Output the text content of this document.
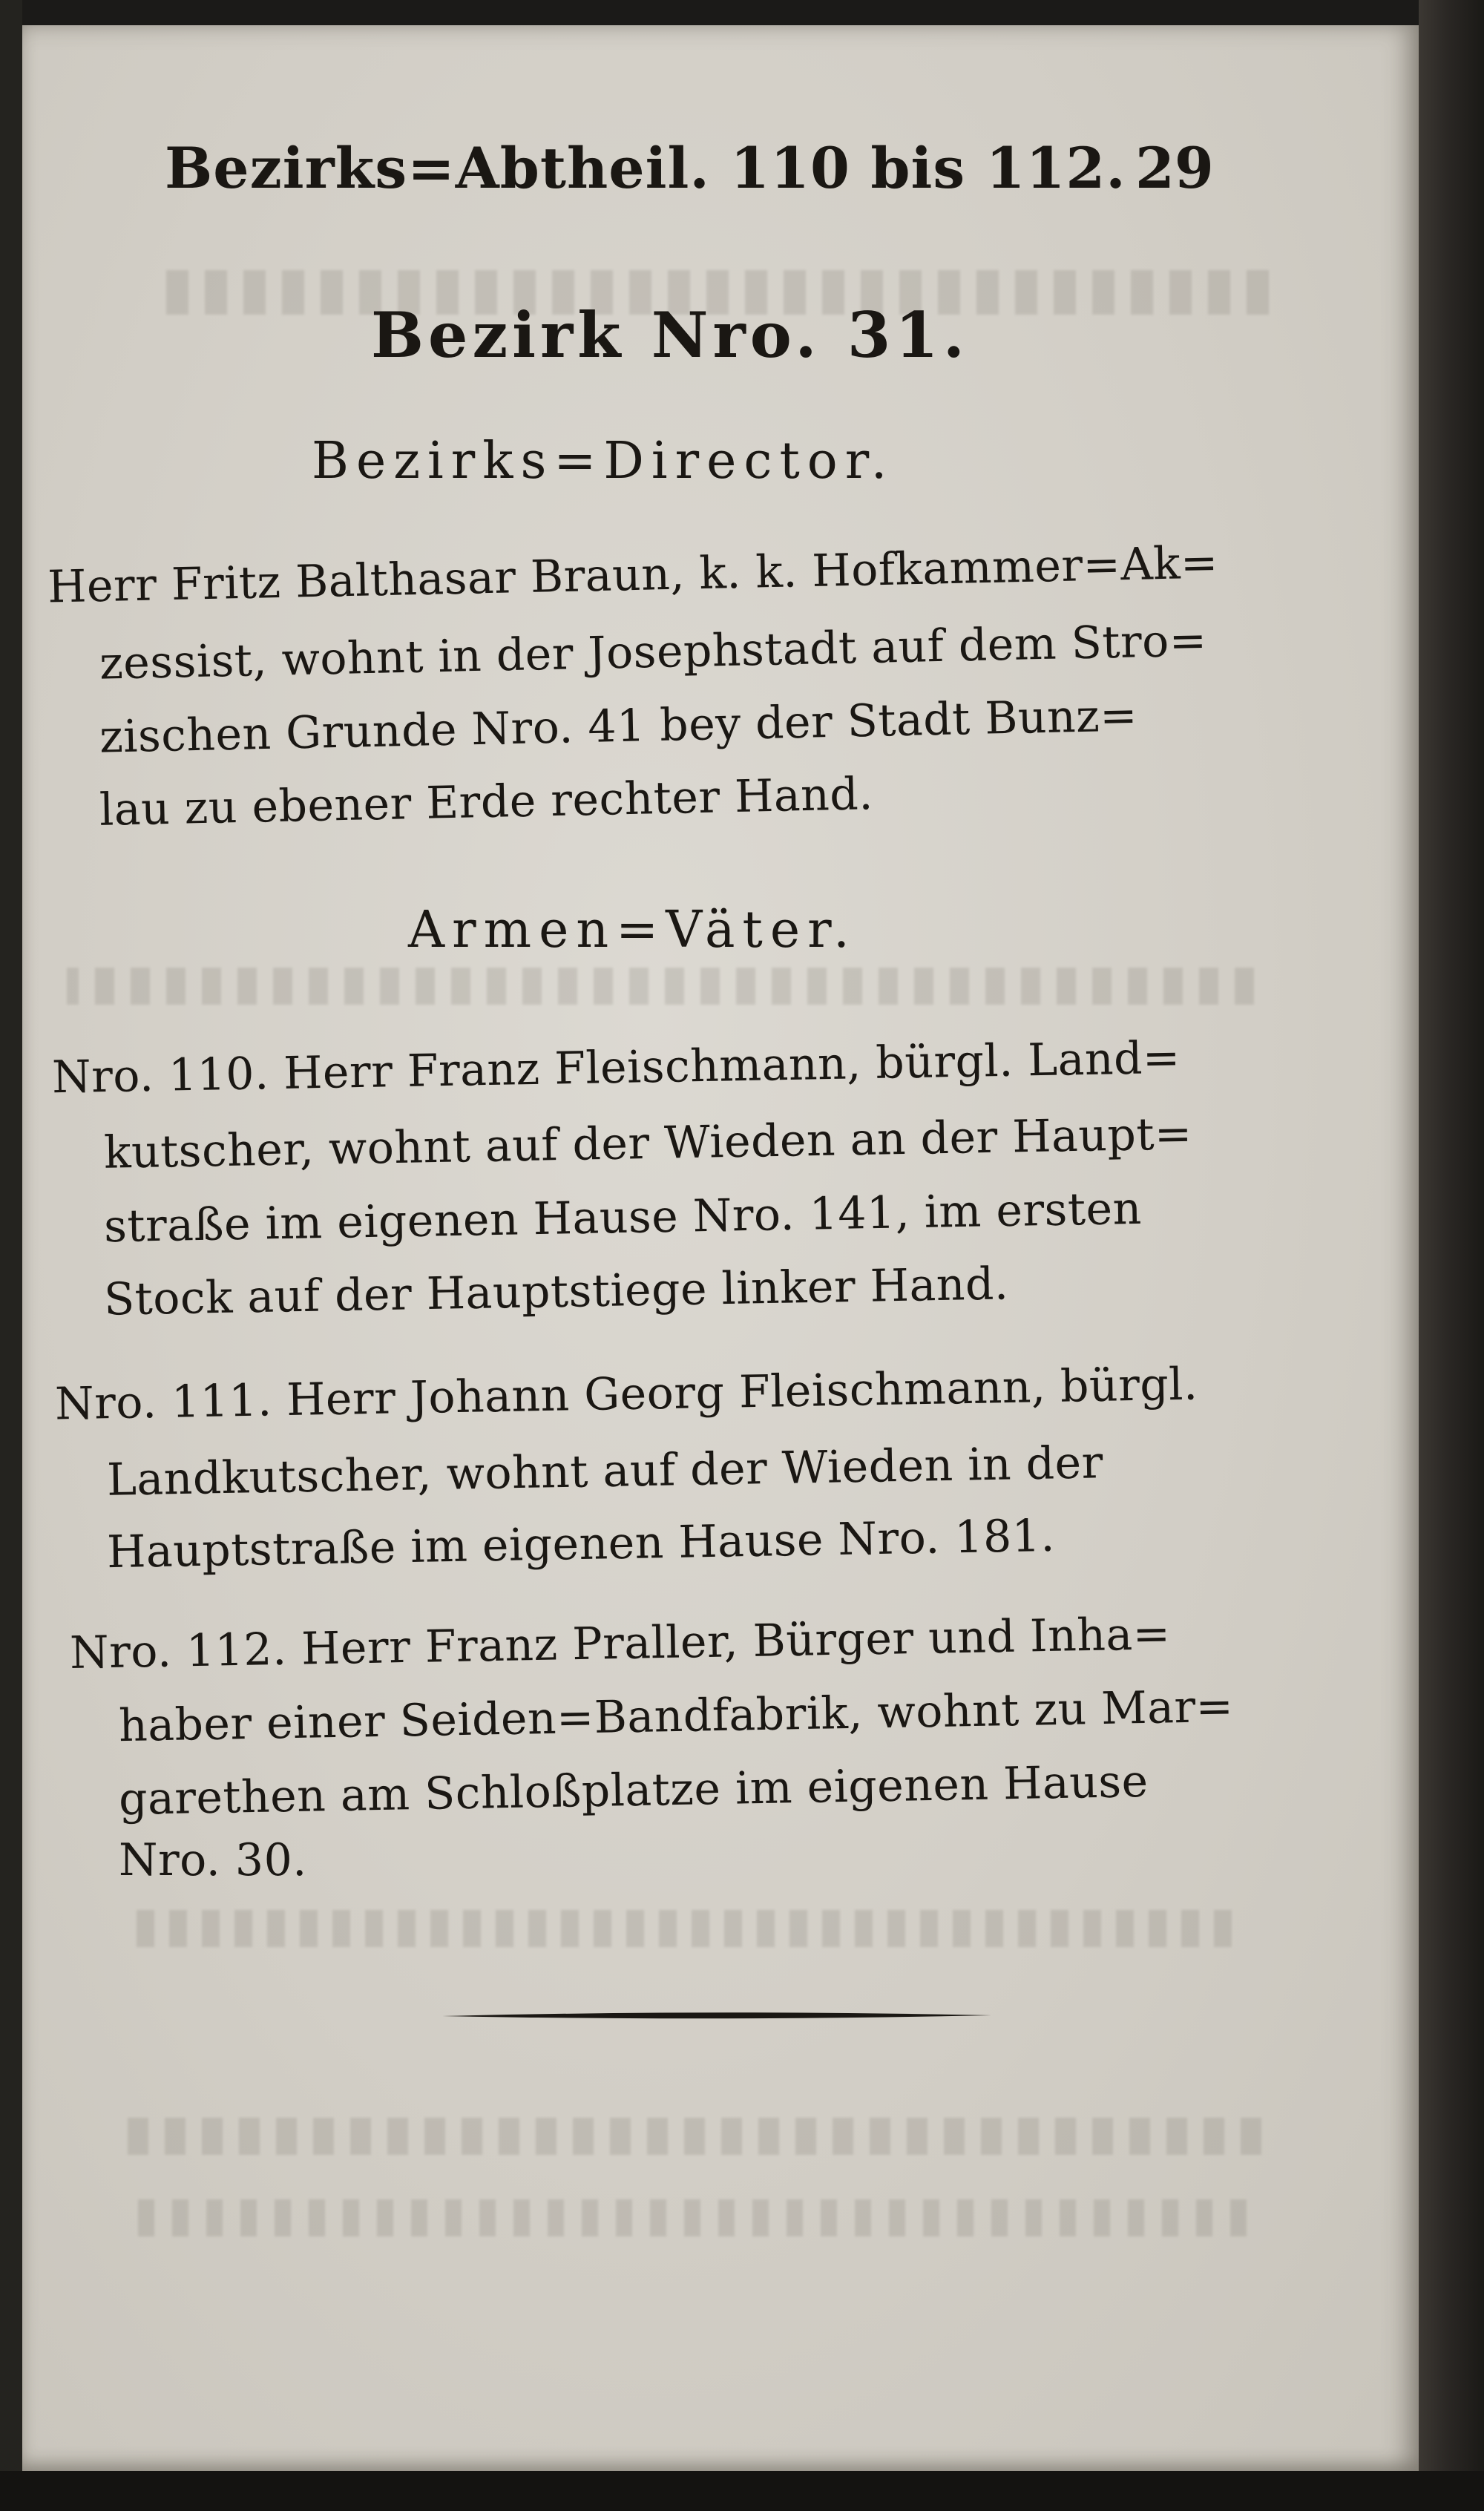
Bezirks=Abtheil. 110 bis 112. 29

Bezirk Nro. 31.

Bezirks=Director.

Herr Fritz Balthasar Braun, k. k. Hofkammer=Ak=

zessist, wohnt in der Josephstadt auf dem Stro=

zischen Grunde Nro. 41 bey der Stadt Bunz=

lau zu ebener Erde rechter Hand.

Armen=Väter.

Nro. 110. Herr Franz Fleischmann, bürgl. Land=

kutscher, wohnt auf der Wieden an der Haupt=

straße im eigenen Hause Nro. 141, im ersten

Stock auf der Hauptstiege linker Hand.

Nro. 111. Herr Johann Georg Fleischmann, bürgl.

Landkutscher, wohnt auf der Wieden in der

Hauptstraße im eigenen Hause Nro. 181.

Nro. 112. Herr Franz Praller, Bürger und Inha=

haber einer Seiden=Bandfabrik, wohnt zu Mar=

garethen am Schloßplatze im eigenen Hause

Nro. 30.
